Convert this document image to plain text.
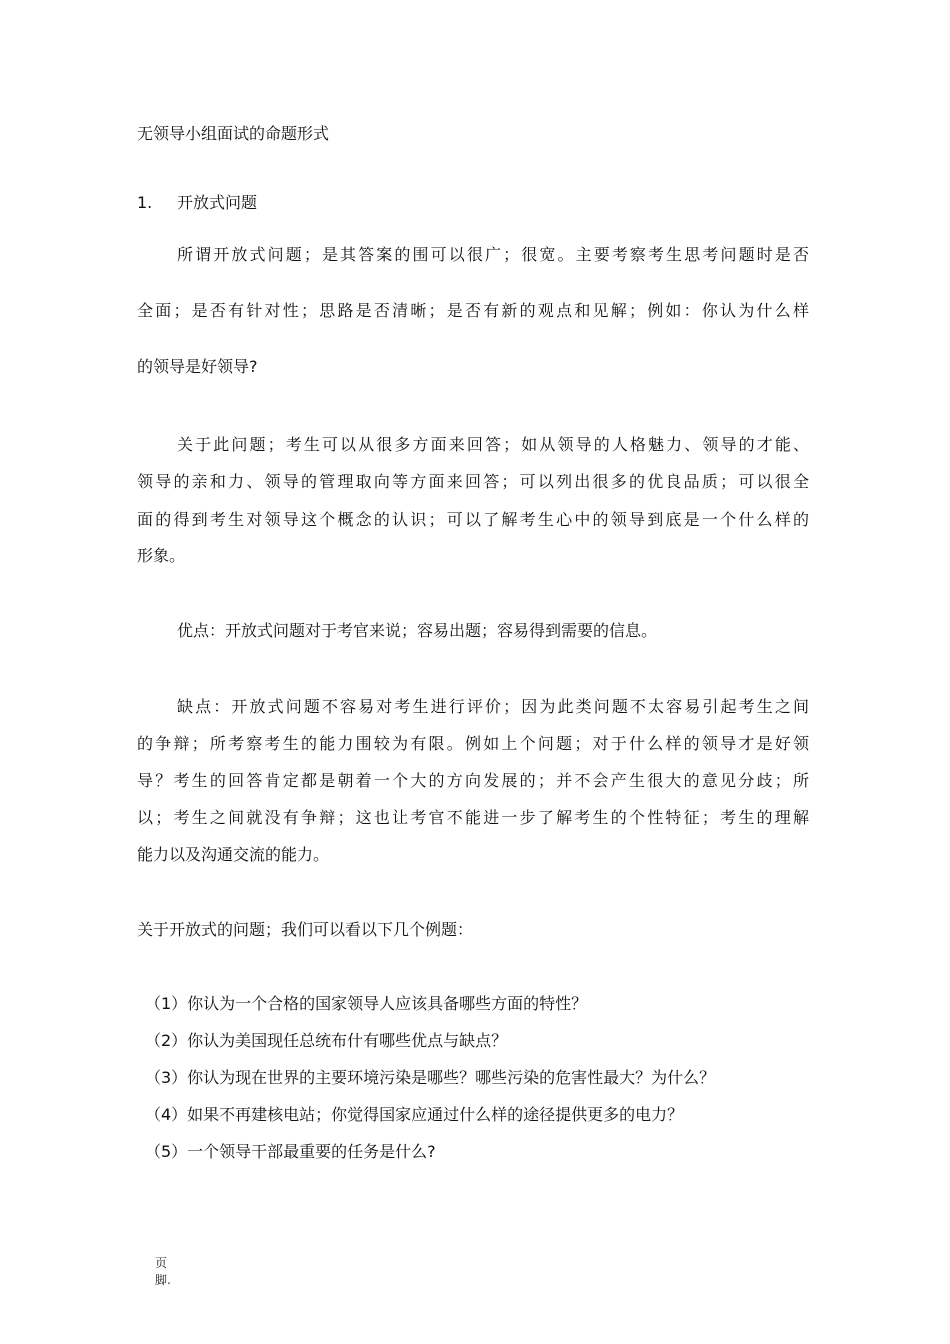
无领导小组面试的命题形式
1. 开放式问题
所谓开放式问题；是其答案的围可以很广；很宽。主要考察考生思考问题时是否
全面；是否有针对性；思路是否清晰；是否有新的观点和见解；例如：你认为什么样
的领导是好领导?
关于此问题；考生可以从很多方面来回答；如从领导的人格魅力、领导的才能、
领导的亲和力、领导的管理取向等方面来回答；可以列出很多的优良品质；可以很全
面的得到考生对领导这个概念的认识；可以了解考生心中的领导到底是一个什么样的
形象。
优点：开放式问题对于考官来说；容易出题；容易得到需要的信息。
缺点：开放式问题不容易对考生进行评价；因为此类问题不太容易引起考生之间
的争辩；所考察考生的能力围较为有限。例如上个问题；对于什么样的领导才是好领
导？考生的回答肯定都是朝着一个大的方向发展的；并不会产生很大的意见分歧；所
以；考生之间就没有争辩；这也让考官不能进一步了解考生的个性特征；考生的理解
能力以及沟通交流的能力。
关于开放式的问题；我们可以看以下几个例题：
（1）你认为一个合格的国家领导人应该具备哪些方面的特性？
（2）你认为美国现任总统布什有哪些优点与缺点？
（3）你认为现在世界的主要环境污染是哪些？哪些污染的危害性最大？为什么？
（4）如果不再建核电站；你觉得国家应通过什么样的途径提供更多的电力？
（5）一个领导干部最重要的任务是什么?
页
脚.
